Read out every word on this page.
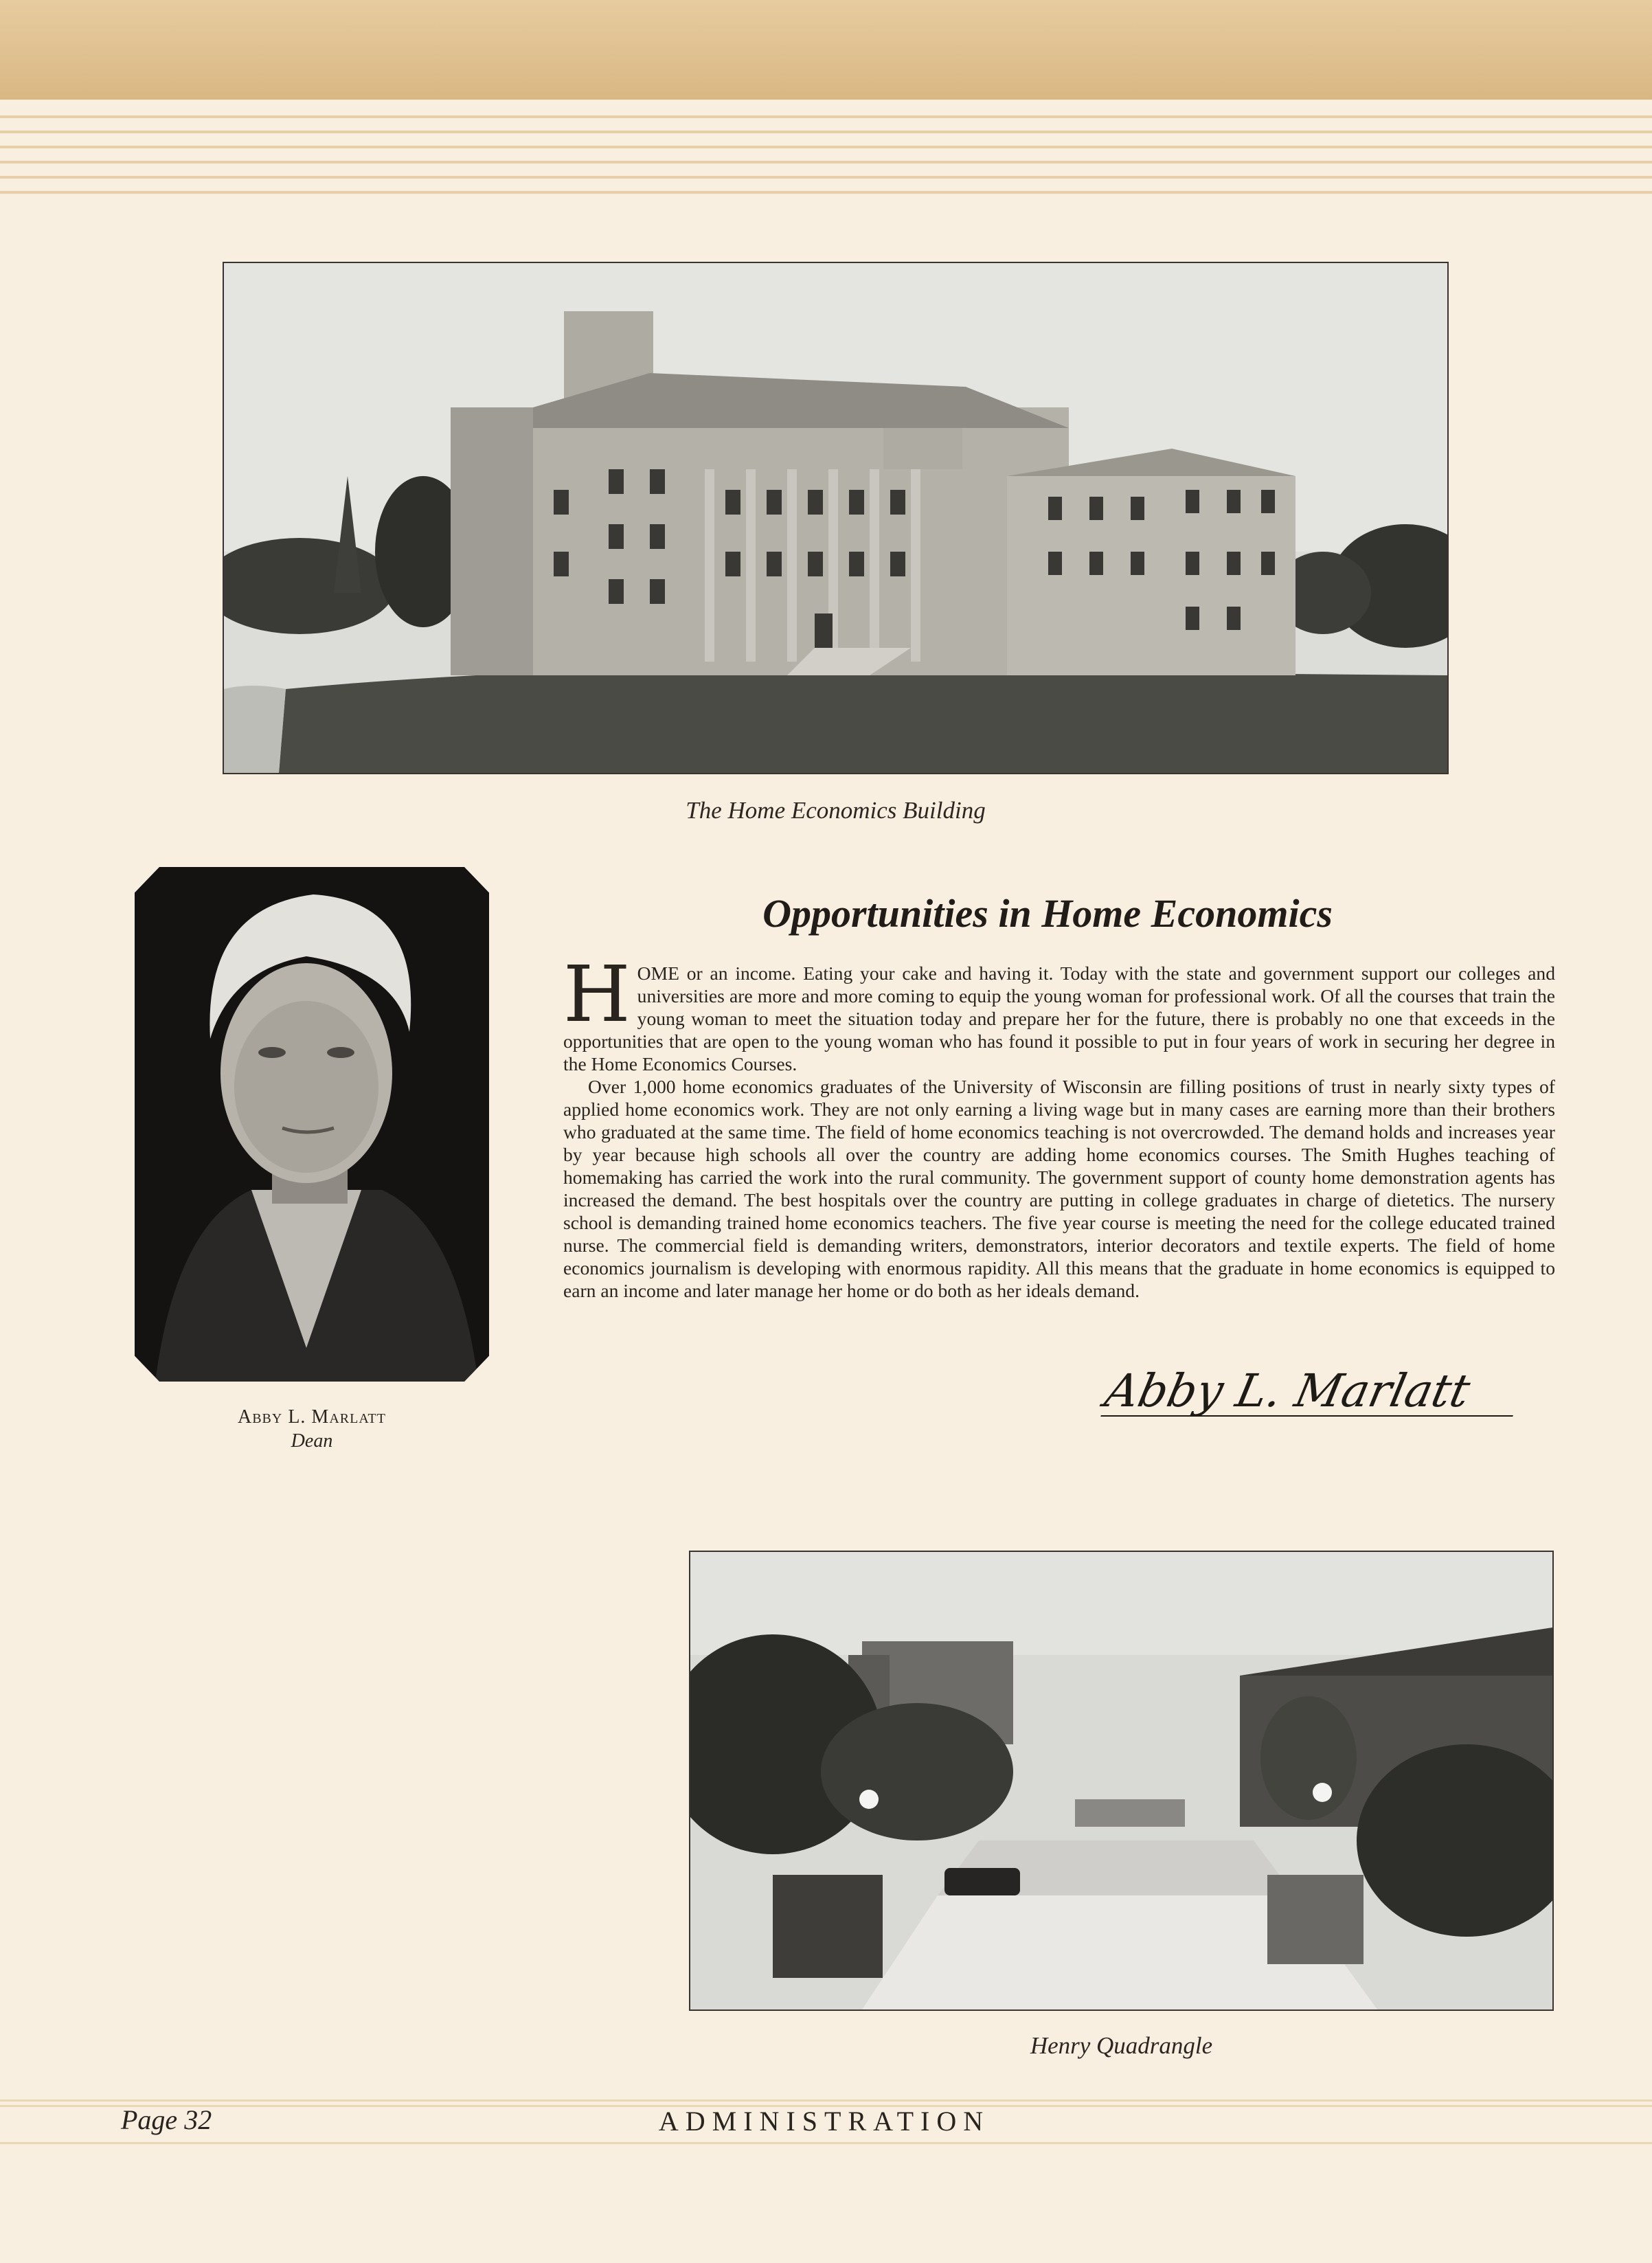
The Home Economics Building
Abby L. Marlatt
Dean
Opportunities in Home Economics

HOME or an income. Eating your cake and having it. Today with the state and government support our colleges and universities are more and more coming to equip the young woman for professional work. Of all the courses that train the young woman to meet the situation today and prepare her for the future, there is probably no one that exceeds in the opportunities that are open to the young woman who has found it possible to put in four years of work in securing her degree in the Home Economics Courses.

Over 1,000 home economics graduates of the University of Wisconsin are filling positions of trust in nearly sixty types of applied home economics work. They are not only earning a living wage but in many cases are earning more than their brothers who graduated at the same time. The field of home economics teaching is not overcrowded. The demand holds and increases year by year because high schools all over the country are adding home economics courses. The Smith Hughes teaching of homemaking has carried the work into the rural community. The government support of county home demonstration agents has increased the demand. The best hospitals over the country are putting in college graduates in charge of dietetics. The nursery school is demanding trained home economics teachers. The five year course is meeting the need for the college educated trained nurse. The commercial field is demanding writers, demonstrators, interior decorators and textile experts. The field of home economics journalism is developing with enormous rapidity. All this means that the graduate in home economics is equipped to earn an income and later manage her home or do both as her ideals demand.

Abby L. Marlatt
Henry Quadrangle
Page 32	ADMINISTRATION
